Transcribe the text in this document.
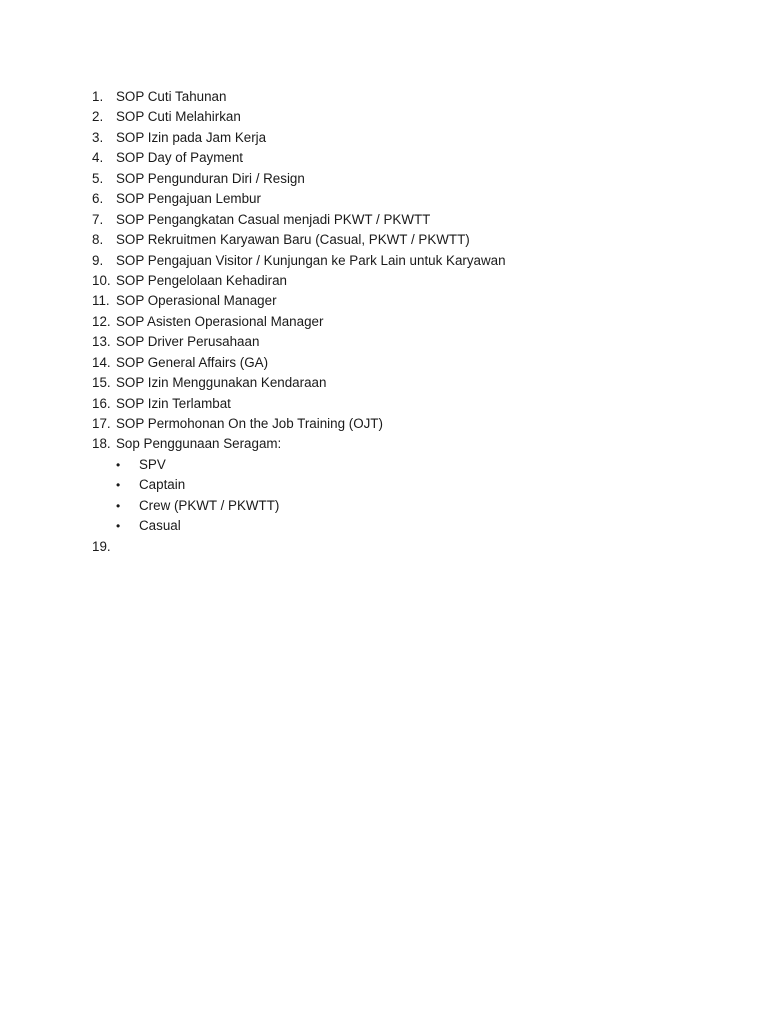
1. SOP Cuti Tahunan
2. SOP Cuti Melahirkan
3. SOP Izin pada Jam Kerja
4. SOP Day of Payment
5. SOP Pengunduran Diri / Resign
6. SOP Pengajuan Lembur
7. SOP Pengangkatan Casual menjadi PKWT / PKWTT
8. SOP Rekruitmen Karyawan Baru (Casual, PKWT / PKWTT)
9. SOP Pengajuan Visitor / Kunjungan ke Park Lain untuk Karyawan
10. SOP Pengelolaan Kehadiran
11. SOP Operasional Manager
12. SOP Asisten Operasional Manager
13. SOP Driver Perusahaan
14. SOP General Affairs (GA)
15. SOP Izin Menggunakan Kendaraan
16. SOP Izin Terlambat
17. SOP Permohonan On the Job Training (OJT)
18. Sop Penggunaan Seragam:
•	SPV
•	Captain
•	Crew (PKWT / PKWTT)
•	Casual
19.
